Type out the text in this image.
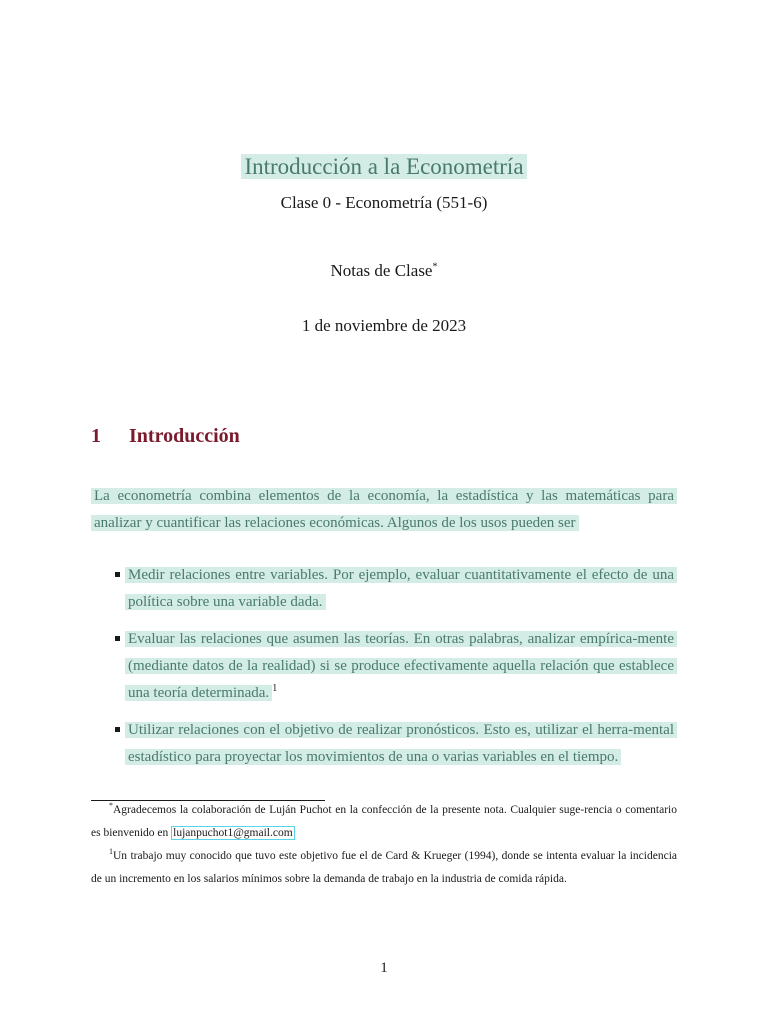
Introducción a la Econometría
Clase 0 - Econometría (551-6)
Notas de Clase*
1 de noviembre de 2023
1 Introducción
La econometría combina elementos de la economía, la estadística y las matemáticas para analizar y cuantificar las relaciones económicas. Algunos de los usos pueden ser
Medir relaciones entre variables. Por ejemplo, evaluar cuantitativamente el efecto de una política sobre una variable dada.
Evaluar las relaciones que asumen las teorías. En otras palabras, analizar empírica-mente (mediante datos de la realidad) si se produce efectivamente aquella relación que establece una teoría determinada. $^1$
Utilizar relaciones con el objetivo de realizar pronósticos. Esto es, utilizar el herra-mental estadístico para proyectar los movimientos de una o varias variables en el tiempo.

*Agradecemos la colaboración de Luján Puchot en la confección de la presente nota. Cualquier suge-rencia o comentario es bienvenido en lujanpuchot1@gmail.com

$^1$Un trabajo muy conocido que tuvo este objetivo fue el de Card & Krueger (1994), donde se intenta evaluar la incidencia de un incremento en los salarios mínimos sobre la demanda de trabajo en la industria de comida rápida.

1
